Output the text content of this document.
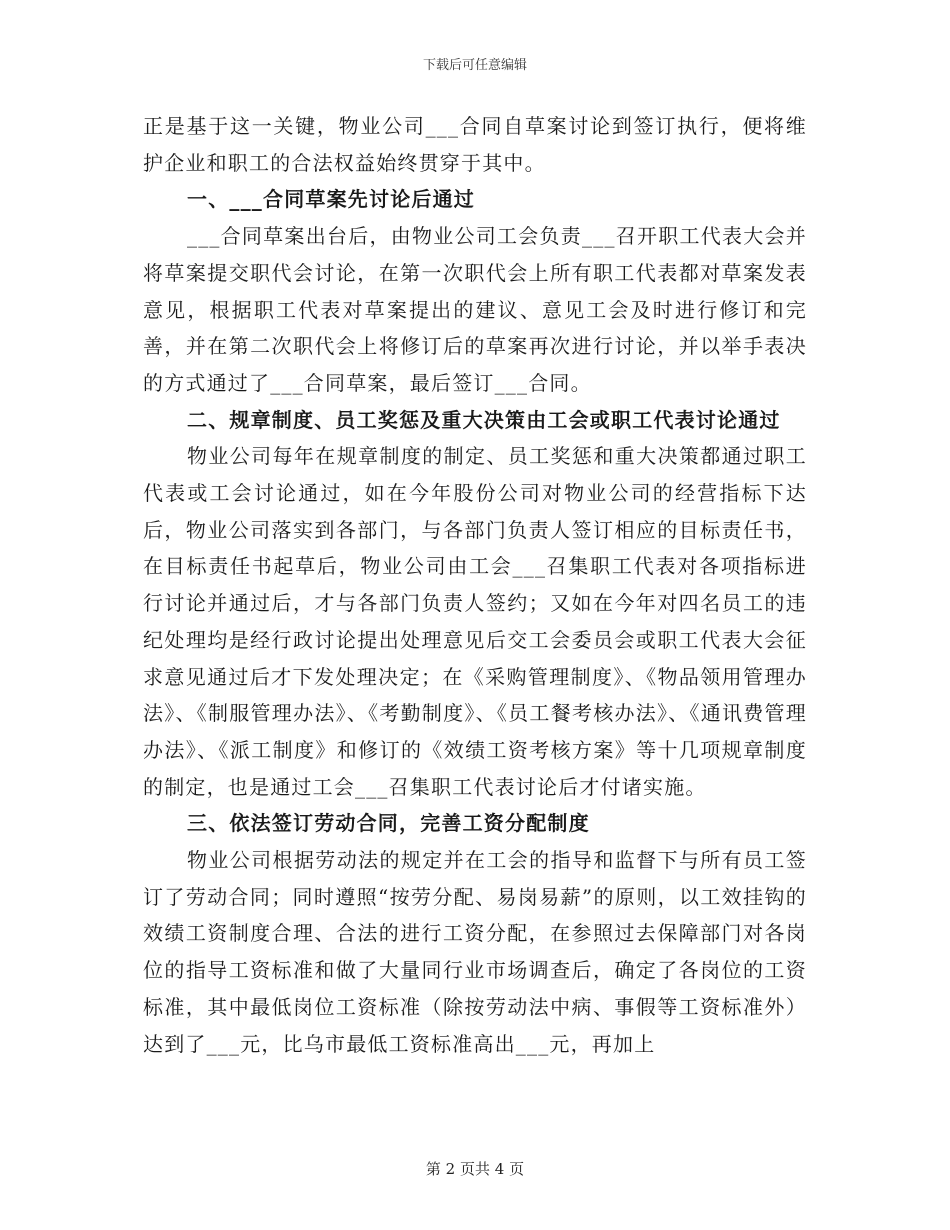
下载后可任意编辑

正是基于这一关键，物业公司___合同自草案讨论到签订执行，便将维护企业和职工的合法权益始终贯穿于其中。

一、___合同草案先讨论后通过

___合同草案出台后，由物业公司工会负责___召开职工代表大会并将草案提交职代会讨论，在第一次职代会上所有职工代表都对草案发表意见，根据职工代表对草案提出的建议、意见工会及时进行修订和完善，并在第二次职代会上将修订后的草案再次进行讨论，并以举手表决的方式通过了___合同草案，最后签订___合同。

二、规章制度、员工奖惩及重大决策由工会或职工代表讨论通过

物业公司每年在规章制度的制定、员工奖惩和重大决策都通过职工代表或工会讨论通过，如在今年股份公司对物业公司的经营指标下达后，物业公司落实到各部门，与各部门负责人签订相应的目标责任书，在目标责任书起草后，物业公司由工会___召集职工代表对各项指标进行讨论并通过后，才与各部门负责人签约；又如在今年对四名员工的违纪处理均是经行政讨论提出处理意见后交工会委员会或职工代表大会征求意见通过后才下发处理决定；在《采购管理制度》、《物品领用管理办法》、《制服管理办法》、《考勤制度》、《员工餐考核办法》、《通讯费管理办法》、《派工制度》和修订的《效绩工资考核方案》等十几项规章制度的制定，也是通过工会___召集职工代表讨论后才付诸实施。

三、依法签订劳动合同，完善工资分配制度

物业公司根据劳动法的规定并在工会的指导和监督下与所有员工签订了劳动合同；同时遵照“按劳分配、易岗易薪”的原则，以工效挂钩的效绩工资制度合理、合法的进行工资分配，在参照过去保障部门对各岗位的指导工资标准和做了大量同行业市场调查后，确定了各岗位的工资标准，其中最低岗位工资标准（除按劳动法中病、事假等工资标准外）达到了___元，比乌市最低工资标准高出___元，再加上

第 2 页共 4 页
